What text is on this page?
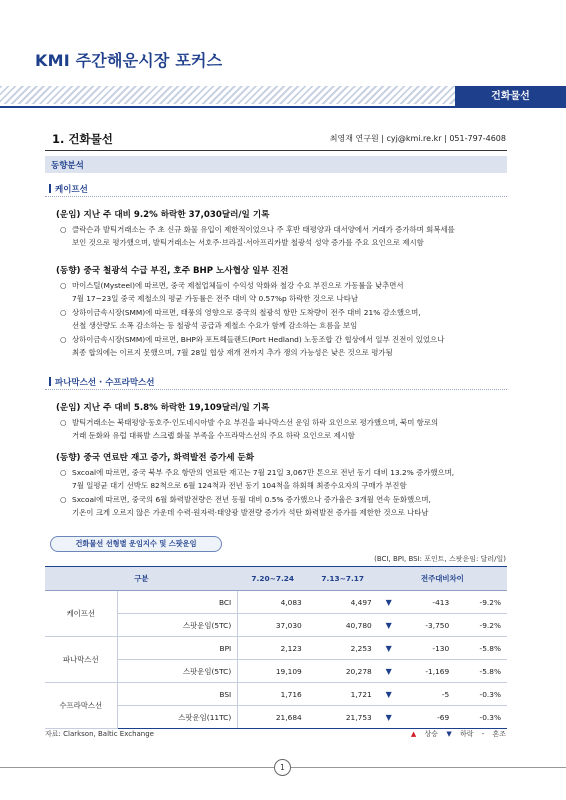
KMI 주간해운시장 포커스
건화물선
1. 건화물선	최영재 연구원 | cyj@kmi.re.kr | 051-797-4608
동향분석
케이프선
(운임) 지난 주 대비 9.2% 하락한 37,030달러/일 기록
○ 클락슨과 발틱거래소는 주 초 신규 화물 유입이 제한적이었으나 주 후반 태평양과 대서양에서 거래가 증가하며 회복세를
보인 것으로 평가했으며, 발틱거래소는 서호주·브라질·서아프리카발 철광석 성약 증가를 주요 요인으로 제시함
(동향) 중국 철광석 수급 부진, 호주 BHP 노사협상 일부 진전
○ 마이스틸(Mysteel)에 따르면, 중국 제철업체들이 수익성 악화와 철강 수요 부진으로 가동률을 낮추면서
7월 17~23일 중국 제철소의 평균 가동률은 전주 대비 약 0.57%p 하락한 것으로 나타남
○ 상하이금속시장(SMM)에 따르면, 태풍의 영향으로 중국의 철광석 항만 도착량이 전주 대비 21% 감소했으며,
선철 생산량도 소폭 감소하는 등 철광석 공급과 제철소 수요가 함께 감소하는 흐름을 보임
○ 상하이금속시장(SMM)에 따르면, BHP와 포트헤들랜드(Port Hedland) 노동조합 간 협상에서 일부 진전이 있었으나
최종 합의에는 이르지 못했으며, 7월 28일 협상 재개 전까지 추가 쟁의 가능성은 낮은 것으로 평가됨
파나막스선 · 수프라막스선
(운임) 지난 주 대비 5.8% 하락한 19,109달러/일 기록
○ 발틱거래소는 북태평양·동호주·인도네시아발 수요 부진을 파나막스선 운임 하락 요인으로 평가했으며, 북미 항로의
거래 둔화와 유럽 대륙발 스크랩 화물 부족을 수프라막스선의 주요 하락 요인으로 제시함
(동향) 중국 연료탄 재고 증가, 화력발전 증가세 둔화
○ Sxcoal에 따르면, 중국 북부 주요 항만의 연료탄 재고는 7월 21일 3,067만 톤으로 전년 동기 대비 13.2% 증가했으며,
7월 일평균 대기 선박도 82척으로 6월 124척과 전년 동기 104척을 하회해 최종수요자의 구매가 부진함
○ Sxcoal에 따르면, 중국의 6월 화력발전량은 전년 동월 대비 0.5% 증가했으나 증가율은 3개월 연속 둔화했으며,
기온이 크게 오르지 않은 가운데 수력·원자력·태양광 발전량 증가가 석탄 화력발전 증가를 제한한 것으로 나타남
건화물선 선형별 운임지수 및 스팟운임
(BCI, BPI, BSI: 포인트, 스팟운임: 달러/일)
구분		7.20~7.24	7.13~7.17	전주대비차이		
케이프선	BCI	4,083	4,497	▼	-413	-9.2%
	스팟운임(5TC)	37,030	40,780	▼	-3,750	-9.2%
파나막스선	BPI	2,123	2,253	▼	-130	-5.8%
	스팟운임(5TC)	19,109	20,278	▼	-1,169	-5.8%
수프라막스선	BSI	1,716	1,721	▼	-5	-0.3%
	스팟운임(11TC)	21,684	21,753	▼	-69	-0.3%
자료: Clarkson, Baltic Exchange	▲ 상승 ▼ 하락 - 혼조
1
